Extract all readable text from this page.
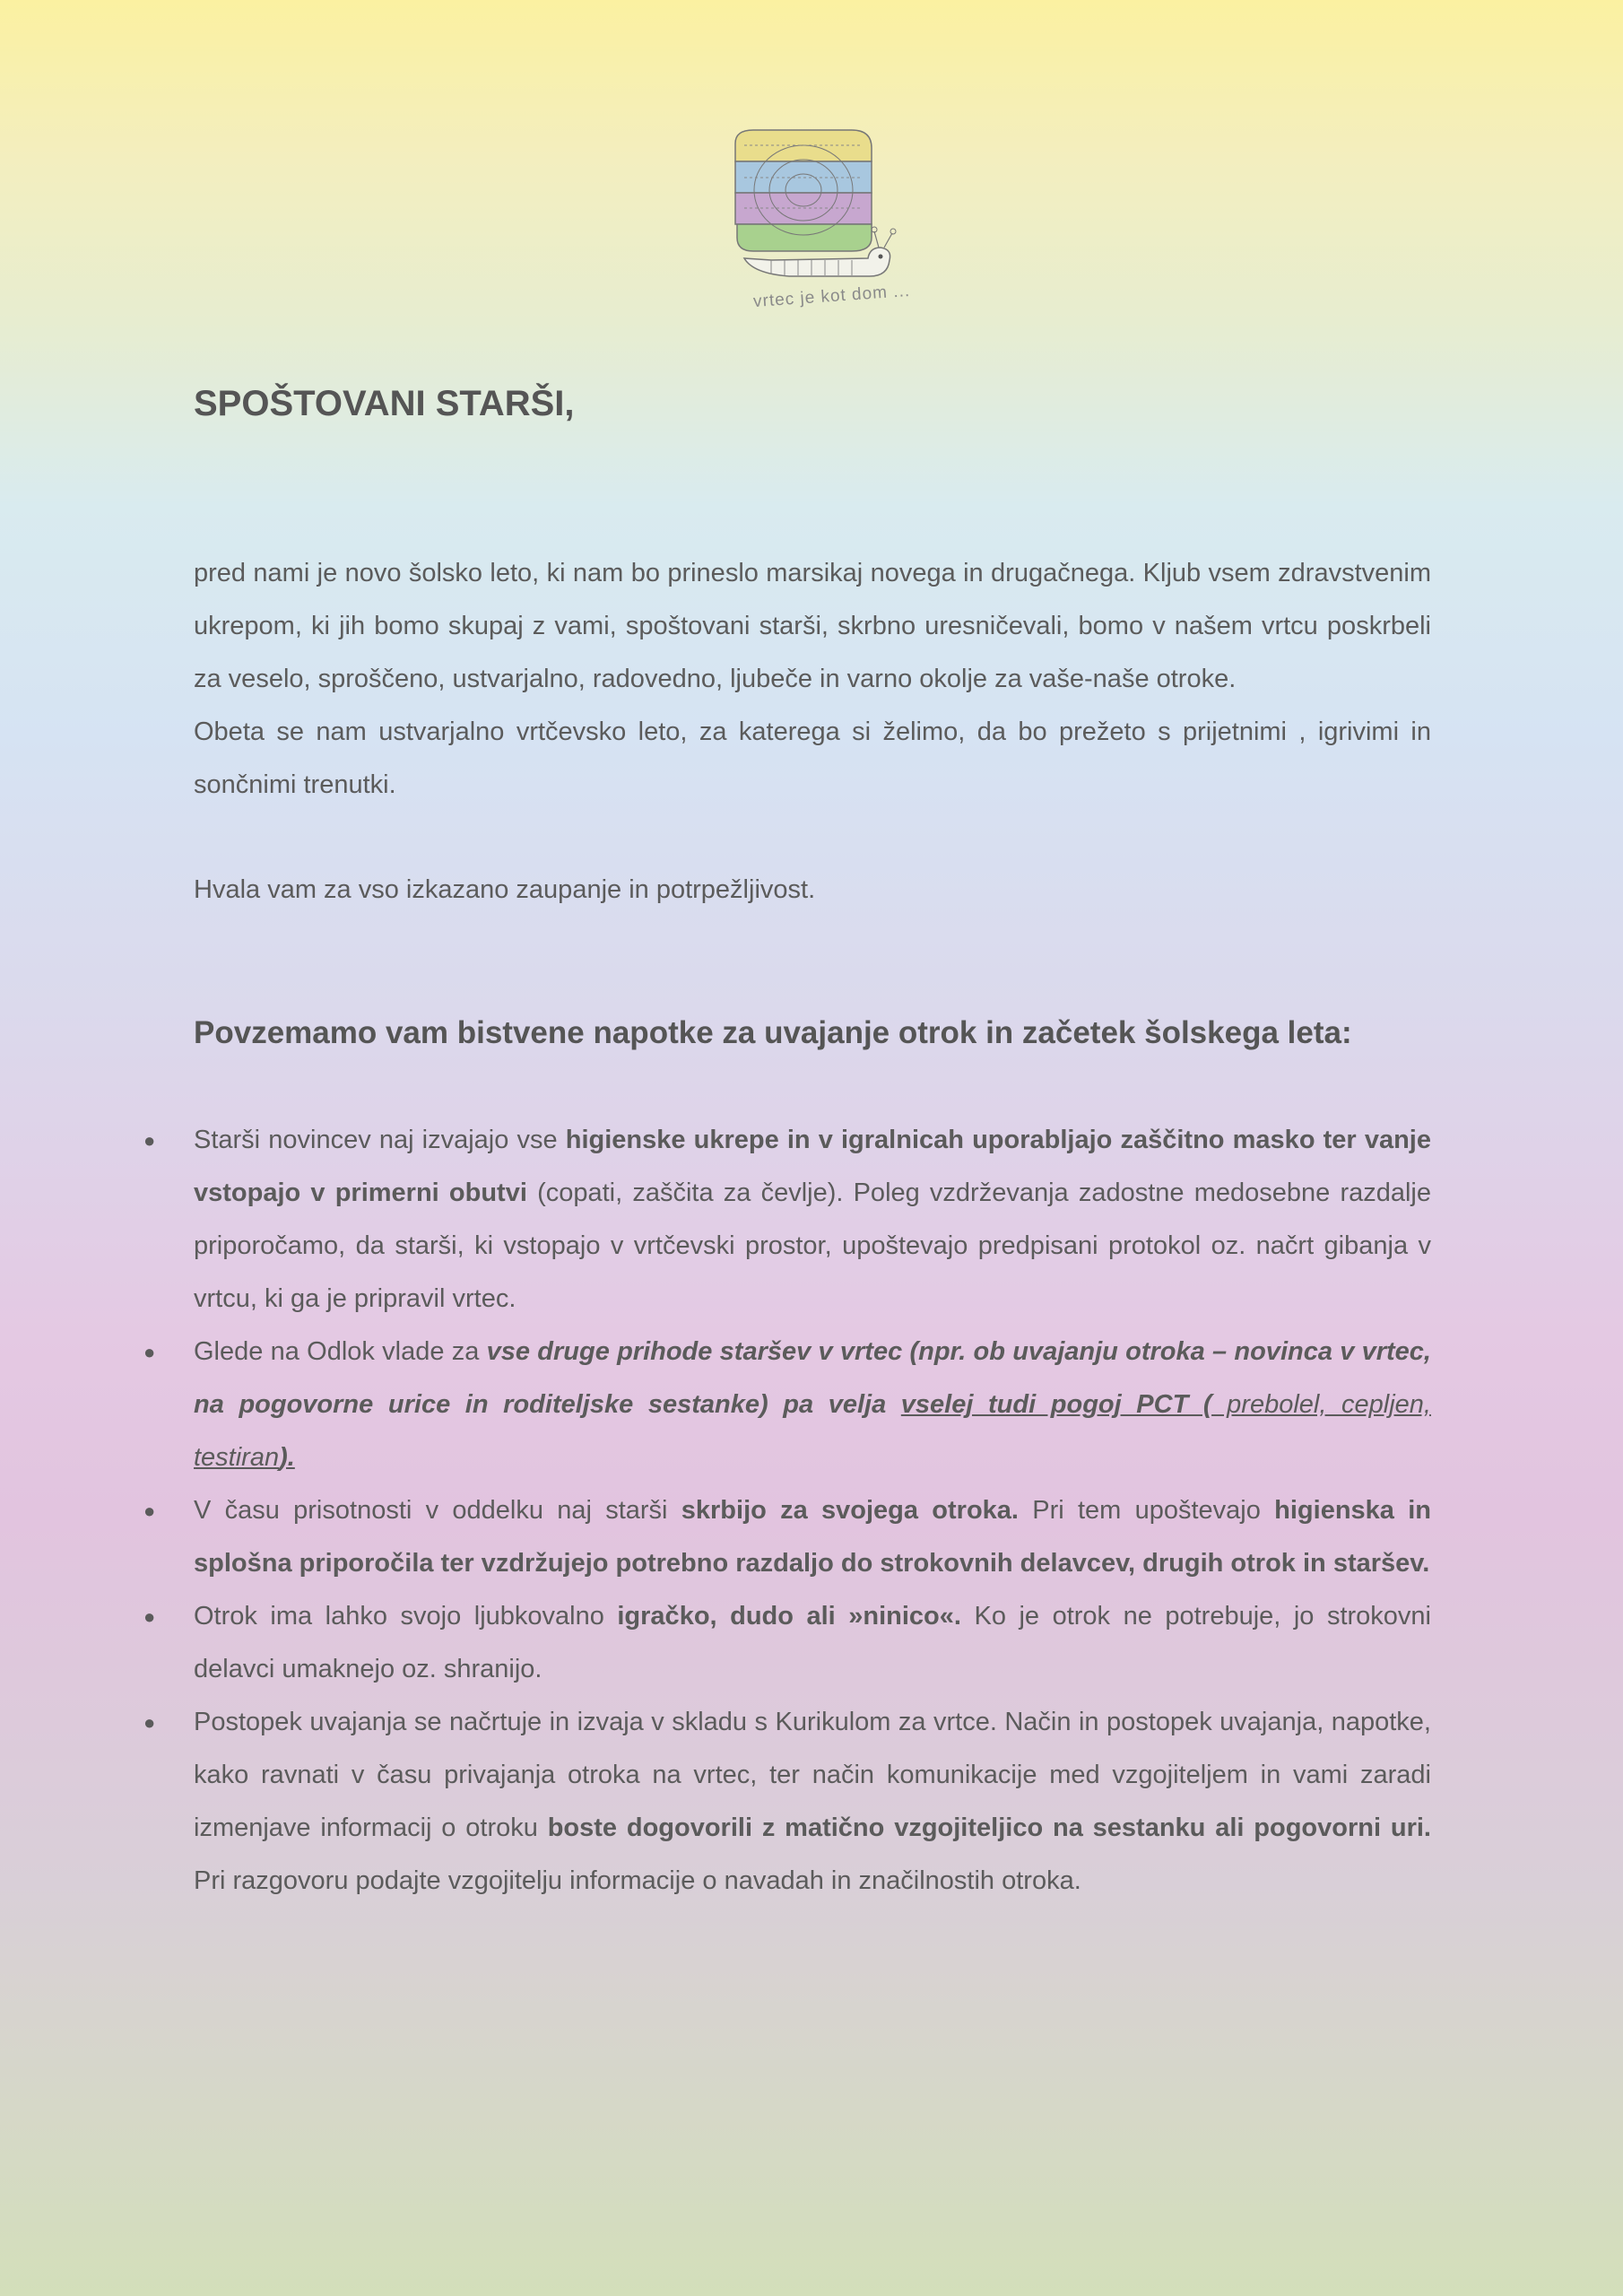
vrtec je kot dom ...
SPOŠTOVANI STARŠI,

pred nami je novo šolsko leto, ki nam bo prineslo marsikaj novega in drugačnega. Kljub vsem zdravstvenim ukrepom, ki jih bomo skupaj z vami, spoštovani starši, skrbno uresničevali, bomo v našem vrtcu poskrbeli za veselo, sproščeno, ustvarjalno, radovedno, ljubeče in varno okolje za vaše-naše otroke.

Obeta se nam ustvarjalno vrtčevsko leto, za katerega si želimo, da bo prežeto s prijetnimi , igrivimi in sončnimi trenutki.

Hvala vam za vso izkazano zaupanje in potrpežljivost.
Povzemamo vam bistvene napotke za uvajanje otrok in začetek šolskega leta:
● Starši novincev naj izvajajo vse higienske ukrepe in v igralnicah uporabljajo zaščitno masko ter vanje vstopajo v primerni obutvi (copati, zaščita za čevlje). Poleg vzdrževanja zadostne medosebne razdalje priporočamo, da starši, ki vstopajo v vrtčevski prostor, upoštevajo predpisani protokol oz. načrt gibanja v vrtcu, ki ga je pripravil vrtec.
● Glede na Odlok vlade za vse druge prihode staršev v vrtec (npr. ob uvajanju otroka – novinca v vrtec, na pogovorne urice in roditeljske sestanke) pa velja vselej tudi pogoj PCT ( prebolel, cepljen, testiran).
● V času prisotnosti v oddelku naj starši skrbijo za svojega otroka. Pri tem upoštevajo higienska in splošna priporočila ter vzdržujejo potrebno razdaljo do strokovnih delavcev, drugih otrok in staršev.
● Otrok ima lahko svojo ljubkovalno igračko, dudo ali »ninico«. Ko je otrok ne potrebuje, jo strokovni delavci umaknejo oz. shranijo.
● Postopek uvajanja se načrtuje in izvaja v skladu s Kurikulom za vrtce. Način in postopek uvajanja, napotke, kako ravnati v času privajanja otroka na vrtec, ter način komunikacije med vzgojiteljem in vami zaradi izmenjave informacij o otroku boste dogovorili z matično vzgojiteljico na sestanku ali pogovorni uri. Pri razgovoru podajte vzgojitelju informacije o navadah in značilnostih otroka.
